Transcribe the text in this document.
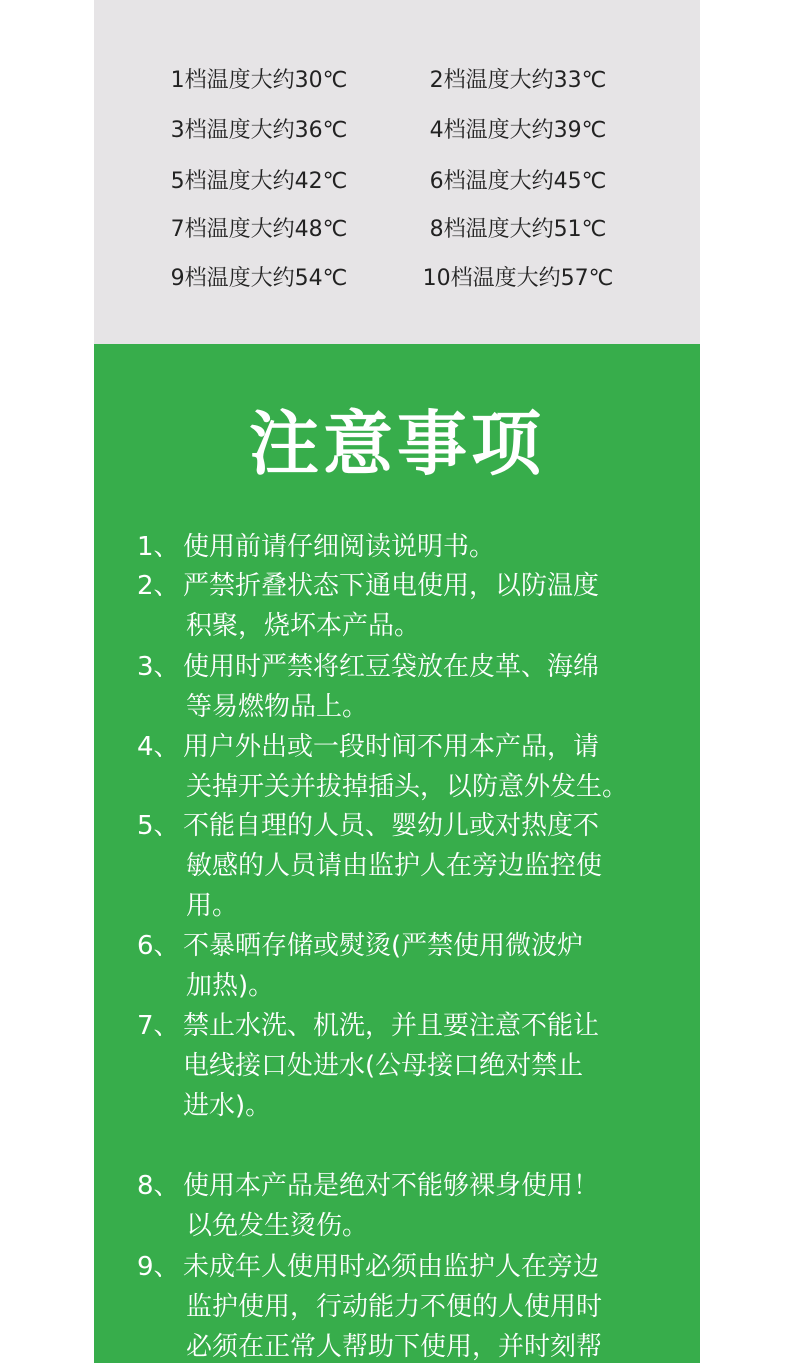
1档温度大约30℃	2档温度大约33℃
3档温度大约36℃	4档温度大约39℃
5档温度大约42℃	6档温度大约45℃
7档温度大约48℃	8档温度大约51℃
9档温度大约54℃	10档温度大约57℃
注意事项
1、 使用前请仔细阅读说明书。
2、 严禁折叠状态下通电使用，以防温度
积聚，烧坏本产品。
3、 使用时严禁将红豆袋放在皮革、海绵
等易燃物品上。
4、 用户外出或一段时间不用本产品，请
关掉开关并拔掉插头，以防意外发生。
5、 不能自理的人员、婴幼儿或对热度不
敏感的人员请由监护人在旁边监控使
用。
6、 不暴晒存储或熨烫(严禁使用微波炉
加热)。
7、 禁止水洗、机洗，并且要注意不能让
电线接口处进水(公母接口绝对禁止
进水)。
8、 使用本产品是绝对不能够裸身使用！
以免发生烫伤。
9、 未成年人使用时必须由监护人在旁边
监护使用，行动能力不便的人使用时
必须在正常人帮助下使用，并时刻帮
